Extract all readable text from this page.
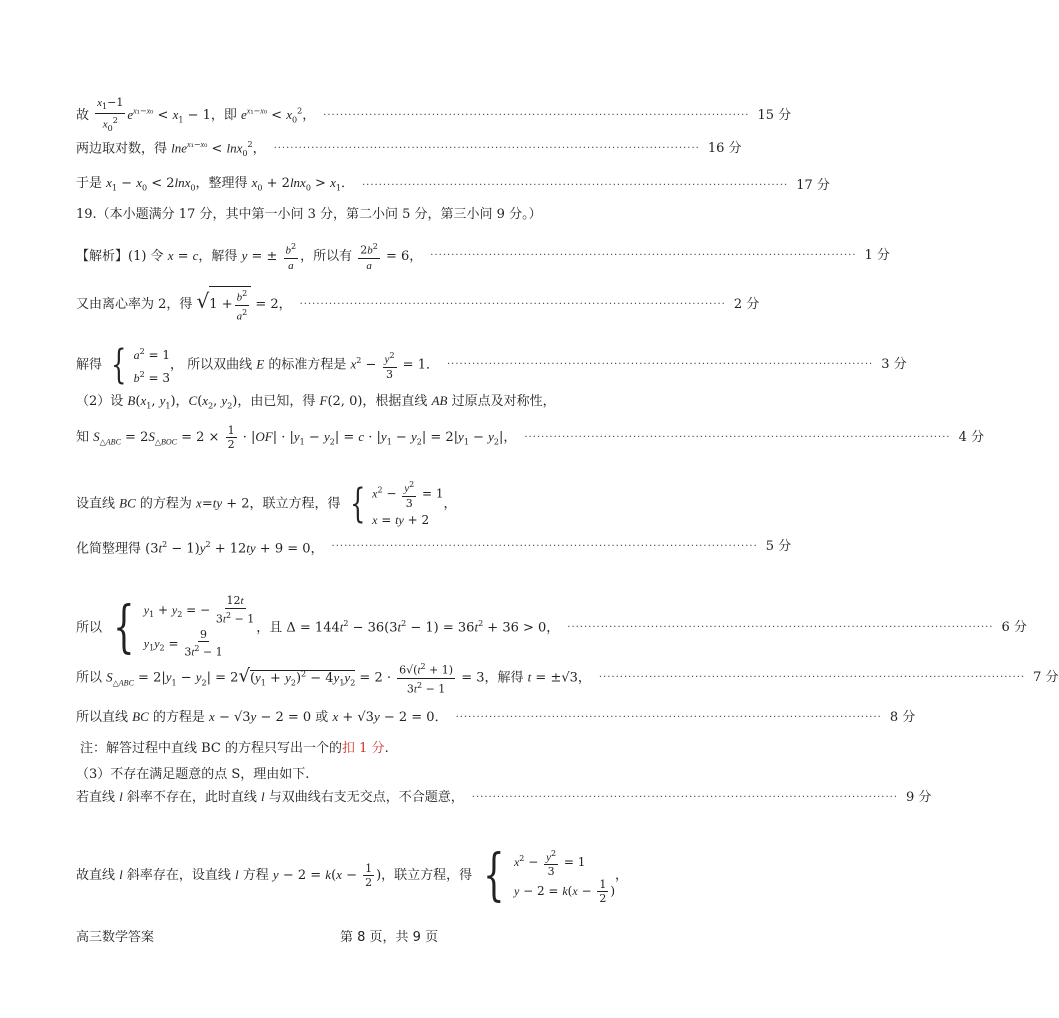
故 $\frac{x_1-1}{x_0^2} e^{x_1-x_0} < x_1 - 1$，即 $e^{x_1-x_0} < x_0^2$， ······································································································ 15 分
两边取对数，得 lne$^{x_1-x_0}$ < lnx$_0^2$， ······································································································ 16 分
于是 $x_1 - x_0 < 2\ln x_0$，整理得 $x_0 + 2\ln x_0 > x_1$． ······································································································ 17 分
19.（本小题满分 17 分，其中第一小问 3 分，第二小问 5 分，第三小问 9 分。）
【解析】(1) 令 x = c，解得 y = ± $\frac{b^2}{a}$ ，所以有 $\frac{2b^2}{a} = 6$， ······································································································ 1 分
又由离心率为 2，得 $√1 + \frac{b^2}{a^2} = 2$， ······································································································ 2 分
解得 { $a^2 = 1$
$b^2 = 3$
， 所以双曲线 E 的标准方程是 $x^2 - \frac{y^2}{3} = 1$． ······································································································ 3 分
（2）设 $B(x_1$, $y_1$)，$C(x_2$, $y_2$)，由已知，得 F(2, 0)，根据直线 AB 过原点及对称性，
知 $S_{\triangle ABC} = 2S_{\triangle BOC} = 2 \times \frac{1}{2} \cdot |OF| \cdot |y_1 - y_2| = c \cdot |y_1 - y_2| = 2|y_1 - y_2|$， ······································································································ 4 分
设直线 BC 的方程为 x=ty + 2，联立方程，得 { $x^2 - \frac{y^2}{3} = 1$
x = ty + 2
，
化简整理得 $(3t^2 - 1)y^2 + 12ty + 9 = 0$， ······································································································ 5 分
所以 { $y_1 + y_2$ = − $\frac{12t}{3t^2 - 1}$
$y_1y_2 = \frac{9}{3t^2 - 1}$
，且 $\Delta = 144t^2 - 36(3t^2 - 1) = 36t^2 + 36 > 0$， ······································································································ 6 分
所以 $S_{\triangle ABC} = 2|y_1 - y_2| = 2√(y_1 + y_2)^2 - 4y_1y_2 = 2 \cdot \frac{6√(t^2 + 1)}{3t^2 - 1} = 3$，解得 t = ±√3， ······································································································ 7 分
所以直线 BC 的方程是 x − √3y − 2 = 0 或 x + √3y − 2 = 0． ······································································································ 8 分
注：解答过程中直线 BC 的方程只写出一个的扣 1 分.
（3）不存在满足题意的点 S，理由如下.
若直线 l 斜率不存在，此时直线 l 与双曲线右支无交点，不合题意， ······································································································ 9 分
故直线 l 斜率存在，设直线 l 方程 $y - 2 = k(x - \frac{1}{2}$ )，联立方程，得 { $x^2 - \frac{y^2}{3} = 1$
$y - 2 = k(x - \frac{1}{2}$ )
，
高三数学答案	第 8 页，共 9 页
